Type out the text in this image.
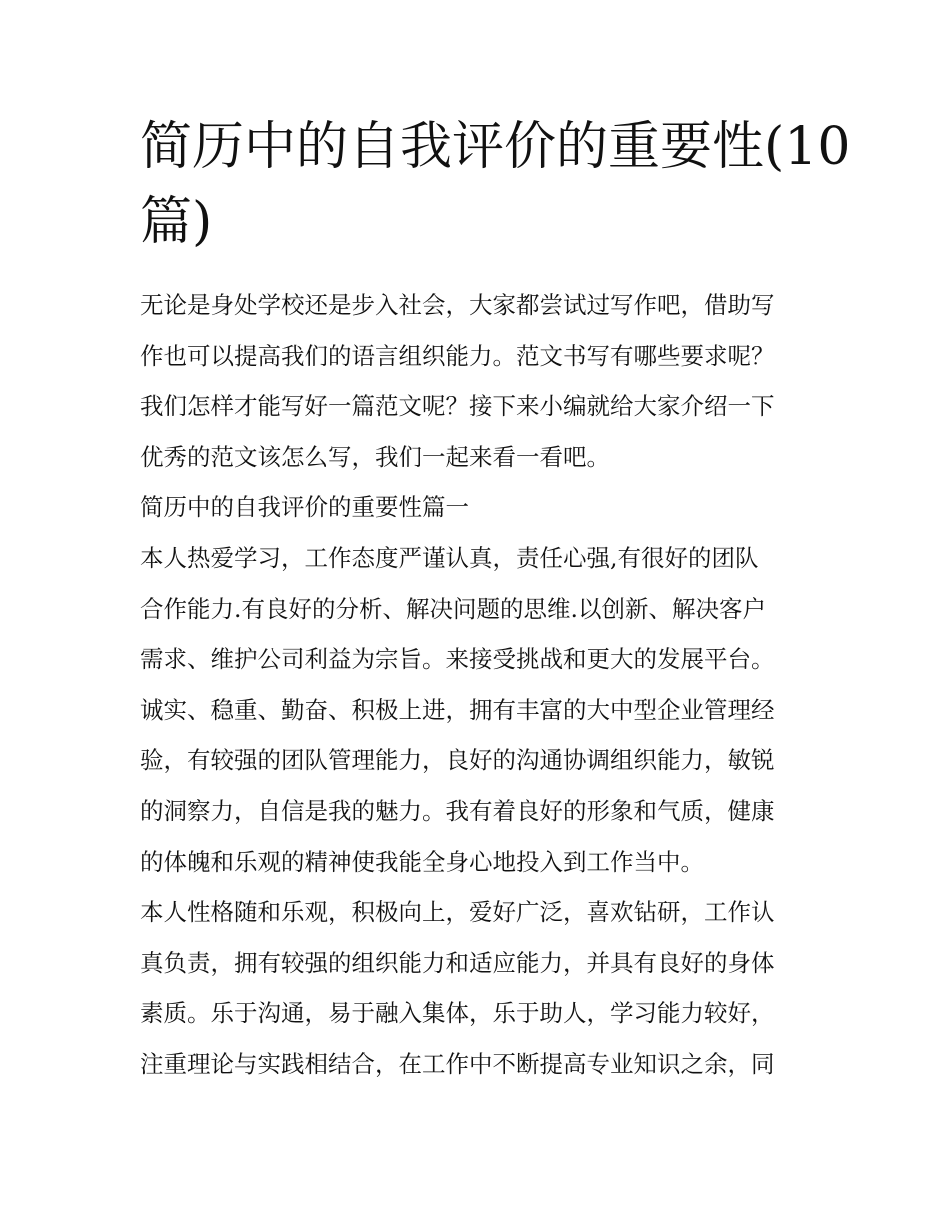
简历中的自我评价的重要性(10
篇)

无论是身处学校还是步入社会，大家都尝试过写作吧，借助写
作也可以提高我们的语言组织能力。范文书写有哪些要求呢？
我们怎样才能写好一篇范文呢？接下来小编就给大家介绍一下
优秀的范文该怎么写，我们一起来看一看吧。

简历中的自我评价的重要性篇一

本人热爱学习，工作态度严谨认真，责任心强,有很好的团队
合作能力.有良好的分析、解决问题的思维.以创新、解决客户
需求、维护公司利益为宗旨。来接受挑战和更大的发展平台。

诚实、稳重、勤奋、积极上进，拥有丰富的大中型企业管理经
验，有较强的团队管理能力，良好的沟通协调组织能力，敏锐
的洞察力，自信是我的魅力。我有着良好的形象和气质，健康
的体魄和乐观的精神使我能全身心地投入到工作当中。

本人性格随和乐观，积极向上，爱好广泛，喜欢钻研，工作认
真负责，拥有较强的组织能力和适应能力，并具有良好的身体
素质。乐于沟通，易于融入集体，乐于助人，学习能力较好，
注重理论与实践相结合，在工作中不断提高专业知识之余，同
